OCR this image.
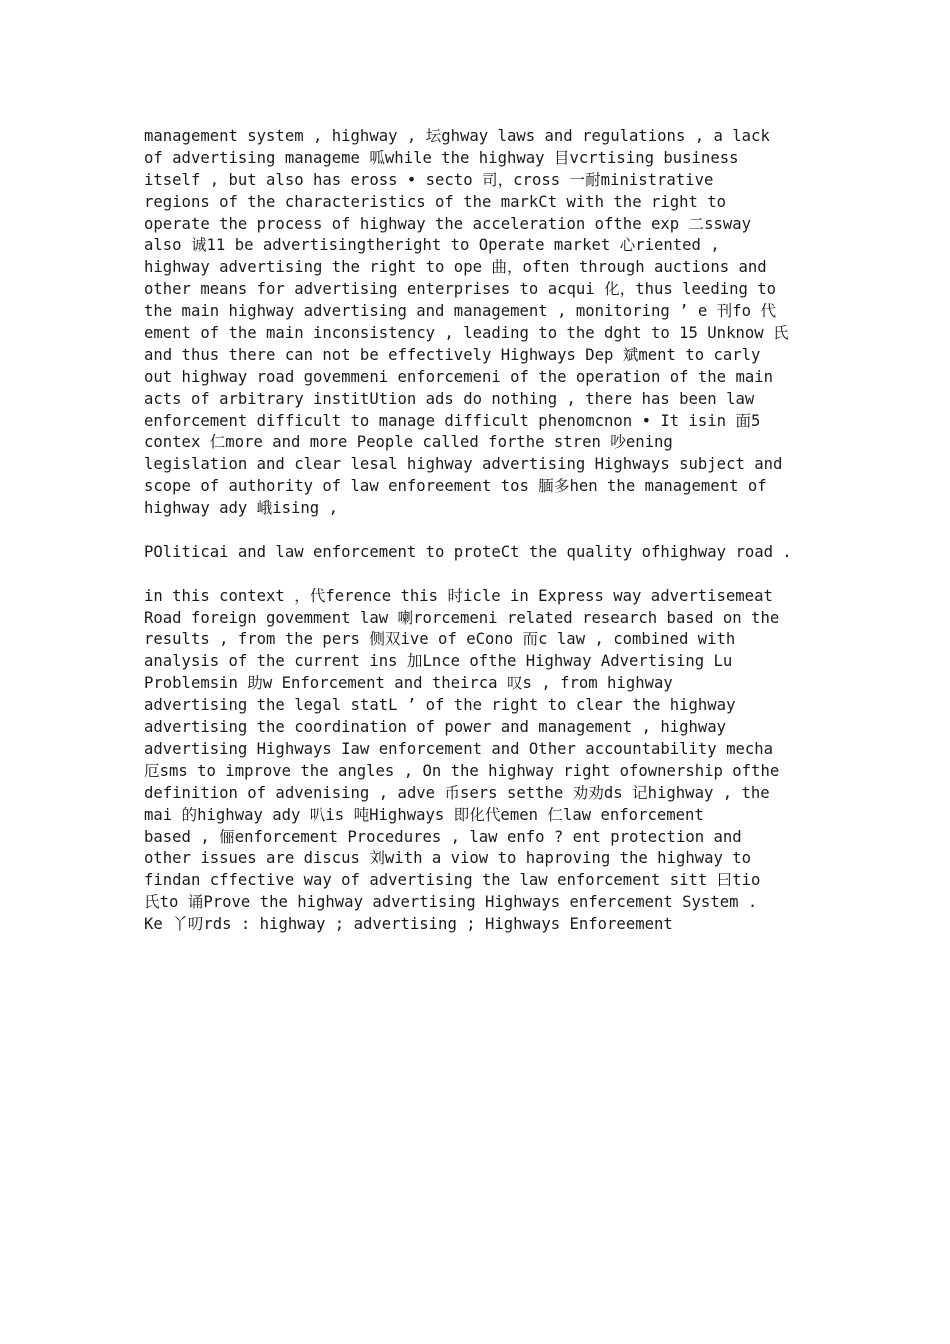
management system , highway , 坛ghway laws and regulations , a lack
of advertising manageme 呱while the highway 目vcrtising business
itself , but also has eross • secto 司，cross 一耐ministrative
regions of the characteristics of the markCt with the right to
operate the process of highway the acceleration ofthe exp 二ssway
also 诚11 be advertisingtheright to Operate market 心riented ,
highway advertising the right to ope 曲，often through auctions and
other means for advertising enterprises to acqui 化，thus leeding to
the main highway advertising and management , monitoring ’ e 刊fo 代
ement of the main inconsistency , leading to the dght to 15 Unknow 氏
and thus there can not be effectively Highways Dep 斌ment to carly
out highway road govemmeni enforcemeni of the operation of the main
acts of arbitrary institUtion ads do nothing , there has been law
enforcement difficult to manage difficult phenomcnon • It isin 面5
contex 仁more and more People called forthe stren 吵ening
legislation and clear lesal highway advertising Highways subject and
scope of authority of law enforeement tos 腼多hen the management of
highway ady 峨ising ,
POliticai and law enforcement to proteCt the quality ofhighway road .
in this context ，代ference this 时icle in Express way advertisemeat
Road foreign govemment law 喇rorcemeni related research based on the
results , from the pers 侧双ive of eCono 而c law , combined with
analysis of the current ins 加Lnce ofthe Highway Advertising Lu
Problemsin 助w Enforcement and theirca 叹s , from highway
advertising the legal statL ’ of the right to clear the highway
advertising the coordination of power and management , highway
advertising Highways Iaw enforcement and Other accountability mecha
厄sms to improve the angles , On the highway right ofownership ofthe
definition of advenising , adve 币sers setthe 劝劝ds 记highway , the
mai 的highway ady 叭is 吨Highways 即化代emen 仁law enforcement
based , 俪enforcement Procedures , law enfo ? ent protection and
other issues are discus 刘with a viow to haproving the highway to
findan cffective way of advertising the law enforcement sitt 曰tio
氏to 诵Prove the highway advertising Highways enfercement System .
Ke 丫叨rds : highway ; advertising ; Highways Enforeement
